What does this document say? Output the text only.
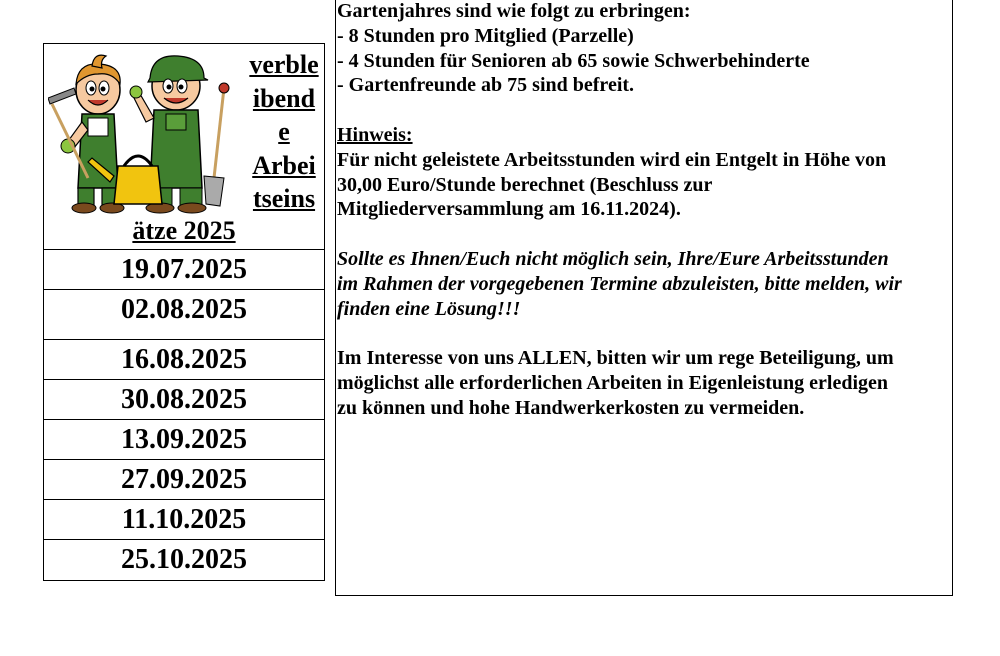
verble
ibend
e
Arbei
tseins
ätze 2025
19.07.2025
02.08.2025
16.08.2025
30.08.2025
13.09.2025
27.09.2025
11.10.2025
25.10.2025

Gartenjahres sind wie folgt zu erbringen:

- 8 Stunden pro Mitglied (Parzelle)

- 4 Stunden für Senioren ab 65 sowie Schwerbehinderte

- Gartenfreunde ab 75 sind befreit.

Hinweis:

Für nicht geleistete Arbeitsstunden wird ein Entgelt in Höhe von

30,00 Euro/Stunde berechnet (Beschluss zur

Mitgliederversammlung am 16.11.2024).

Sollte es Ihnen/Euch nicht möglich sein, Ihre/Eure Arbeitsstunden

im Rahmen der vorgegebenen Termine abzuleisten, bitte melden, wir

finden eine Lösung!!!

Im Interesse von uns ALLEN, bitten wir um rege Beteiligung, um

möglichst alle erforderlichen Arbeiten in Eigenleistung erledigen

zu können und hohe Handwerkerkosten zu vermeiden.
